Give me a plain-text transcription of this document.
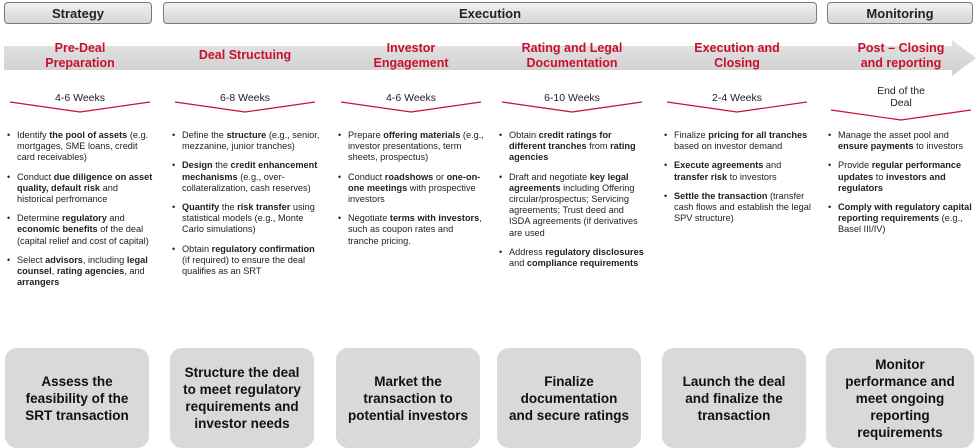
Strategy	Execution	Monitoring
Pre-Deal
Preparation
4-6 Weeks
• Identify the pool of assets (e.g. mortgages, SME loans, credit card receivables)
• Conduct due diligence on asset quality, default risk and historical perfromance
• Determine regulatory and economic benefits of the deal (capital relief and cost of capital)
• Select advisors, including legal counsel, rating agencies, and arrangers
Assess the feasibility of the SRT transaction
Deal Structuing
6-8 Weeks
• Define the structure (e.g., senior, mezzanine, junior tranches)
• Design the credit enhancement mechanisms (e.g., over-collateralization, cash reserves)
• Quantify the risk transfer using statistical models (e.g., Monte Carlo simulations)
• Obtain regulatory confirmation (if required) to ensure the deal qualifies as an SRT
Structure the deal to meet regulatory requirements and investor needs
Investor
Engagement
4-6 Weeks
• Prepare offering materials (e.g., investor presentations, term sheets, prospectus)
• Conduct roadshows or one-on-one meetings with prospective investors
• Negotiate terms with investors, such as coupon rates and tranche pricing.
Market the transaction to potential investors
Rating and Legal
Documentation
6-10 Weeks
• Obtain credit ratings for different tranches from rating agencies
• Draft and negotiate key legal agreements including Offering circular/prospectus; Servicing agreements; Trust deed and ISDA agreements (if derivatives are used
• Address regulatory disclosures and compliance requirements
Finalize documentation and secure ratings
Execution and
Closing
2-4 Weeks
• Finalize pricing for all tranches based on investor demand
• Execute agreements and transfer risk to investors
• Settle the transaction (transfer cash flows and establish the legal SPV structure)
Launch the deal and finalize the transaction
Post – Closing
and reporting
End of the
Deal
• Manage the asset pool and ensure payments to investors
• Provide regular performance updates to investors and regulators
• Comply with regulatory capital reporting requirements (e.g., Basel III/IV)
Monitor performance and meet ongoing reporting requirements
